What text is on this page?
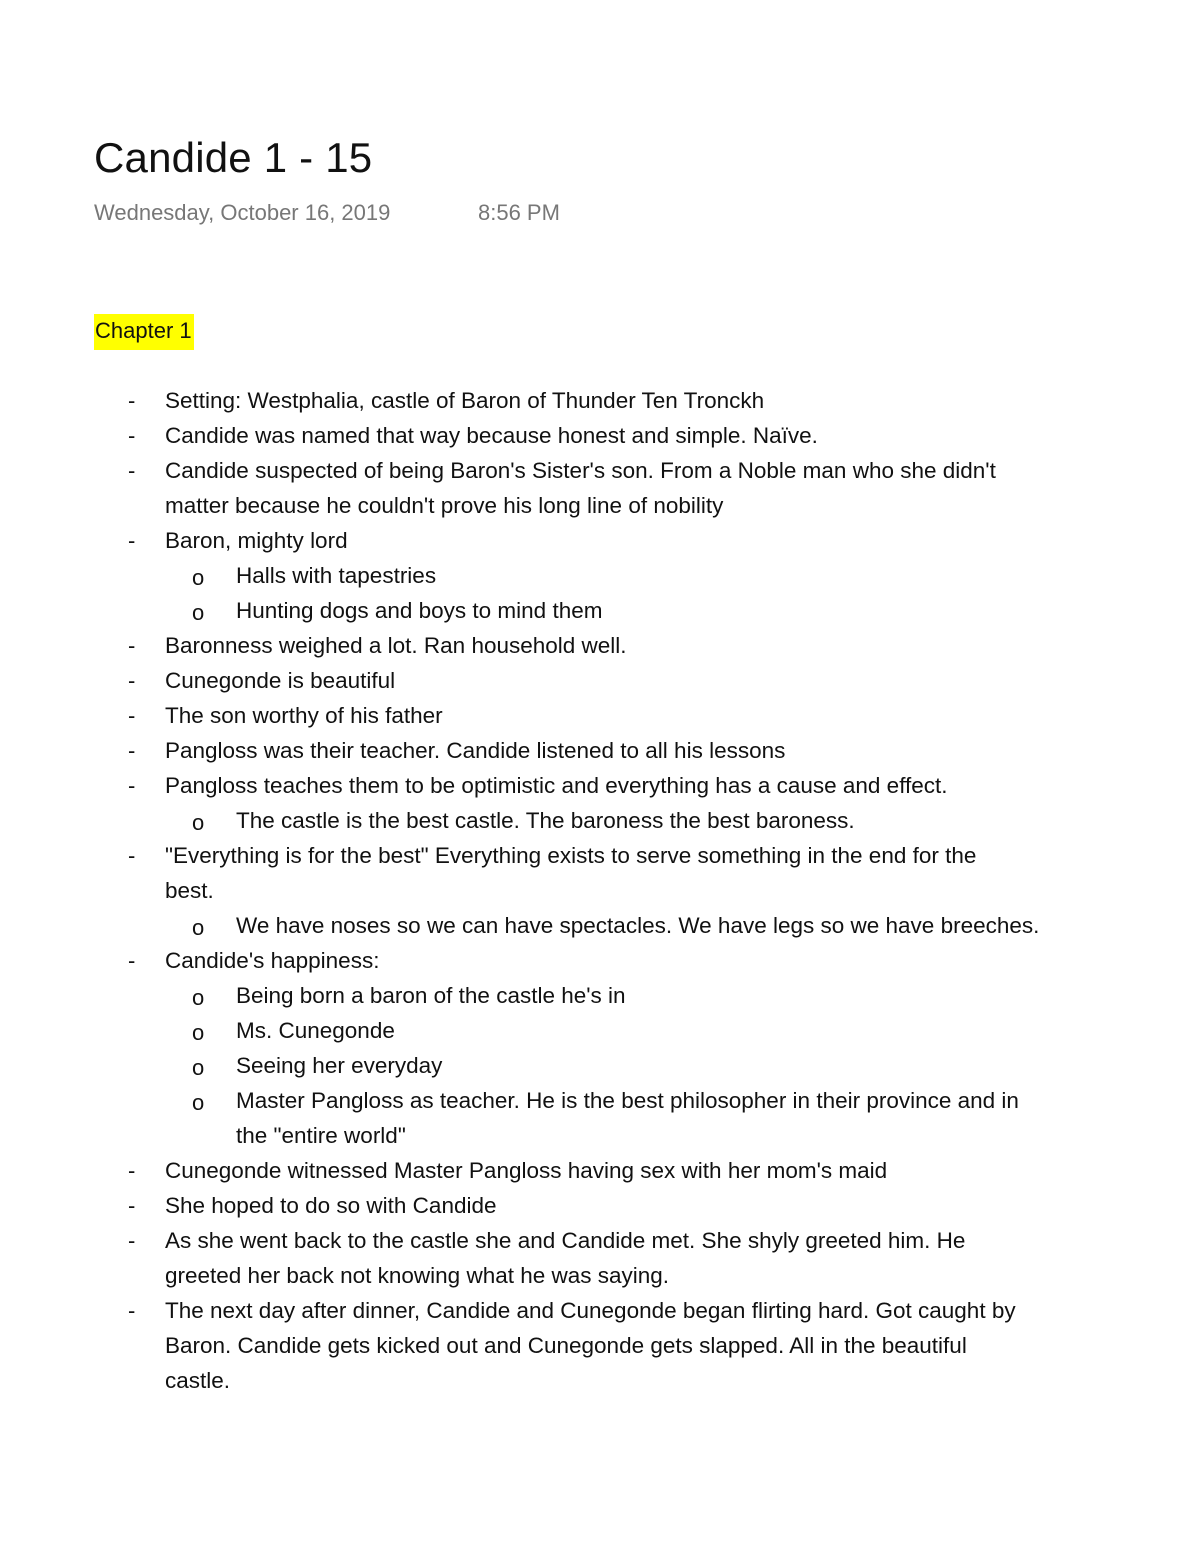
Candide 1 - 15
Wednesday, October 16, 2019	8:56 PM
Chapter 1
- Setting: Westphalia, castle of Baron of Thunder Ten Tronckh
- Candide was named that way because honest and simple. Naïve.
- Candide suspected of being Baron's Sister's son. From a Noble man who she didn't
matter because he couldn't prove his long line of nobility
- Baron, mighty lord
o Halls with tapestries
o Hunting dogs and boys to mind them
- Baronness weighed a lot. Ran household well.
- Cunegonde is beautiful
- The son worthy of his father
- Pangloss was their teacher. Candide listened to all his lessons
- Pangloss teaches them to be optimistic and everything has a cause and effect.
o The castle is the best castle. The baroness the best baroness.
- "Everything is for the best" Everything exists to serve something in the end for the
best.
o We have noses so we can have spectacles. We have legs so we have breeches.
- Candide's happiness:
o Being born a baron of the castle he's in
o Ms. Cunegonde
o Seeing her everyday
o Master Pangloss as teacher. He is the best philosopher in their province and in
the "entire world"
- Cunegonde witnessed Master Pangloss having sex with her mom's maid
- She hoped to do so with Candide
- As she went back to the castle she and Candide met. She shyly greeted him. He
greeted her back not knowing what he was saying.
- The next day after dinner, Candide and Cunegonde began flirting hard. Got caught by
Baron. Candide gets kicked out and Cunegonde gets slapped. All in the beautiful
castle.
